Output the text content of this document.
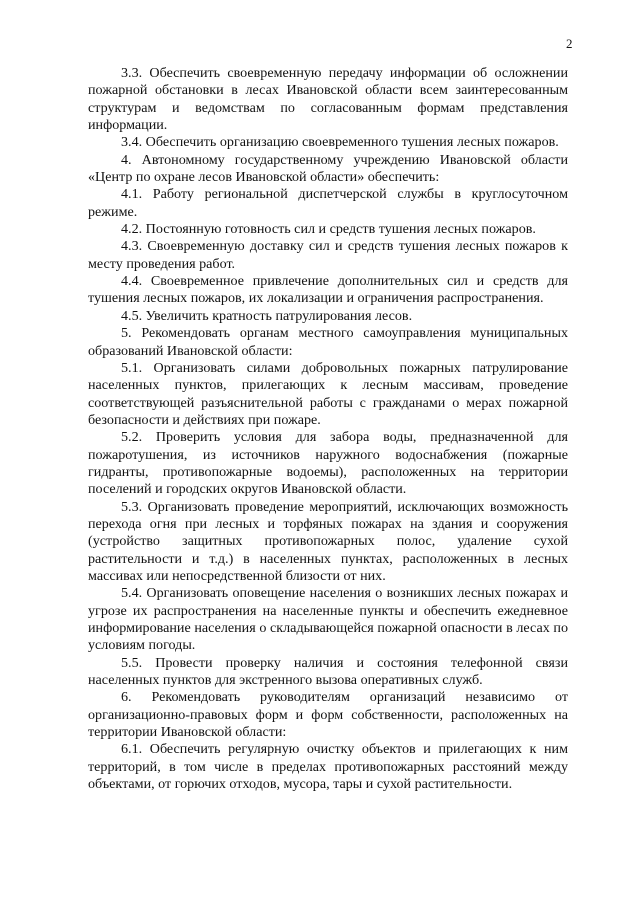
2

3.3. Обеспечить своевременную передачу информации об осложнении пожарной обстановки в лесах Ивановской области всем заинтересованным структурам и ведомствам по согласованным формам представления информации.

3.4. Обеспечить организацию своевременного тушения лесных пожаров.

4. Автономному государственному учреждению Ивановской области «Центр по охране лесов Ивановской области» обеспечить:

4.1. Работу региональной диспетчерской службы в круглосуточном режиме.

4.2. Постоянную готовность сил и средств тушения лесных пожаров.

4.3. Своевременную доставку сил и средств тушения лесных пожаров к месту проведения работ.

4.4. Своевременное привлечение дополнительных сил и средств для тушения лесных пожаров, их локализации и ограничения распространения.

4.5. Увеличить кратность патрулирования лесов.

5. Рекомендовать органам местного самоуправления муниципальных образований Ивановской области:

5.1. Организовать силами добровольных пожарных патрулирование населенных пунктов, прилегающих к лесным массивам, проведение соответствующей разъяснительной работы с гражданами о мерах пожарной безопасности и действиях при пожаре.

5.2. Проверить условия для забора воды, предназначенной для пожаротушения, из источников наружного водоснабжения (пожарные гидранты, противопожарные водоемы), расположенных на территории поселений и городских округов Ивановской области.

5.3. Организовать проведение мероприятий, исключающих возможность перехода огня при лесных и торфяных пожарах на здания и сооружения (устройство защитных противопожарных полос, удаление сухой растительности и т.д.) в населенных пунктах, расположенных в лесных массивах или непосредственной близости от них.

5.4. Организовать оповещение населения о возникших лесных пожарах и угрозе их распространения на населенные пункты и обеспечить ежедневное информирование населения о складывающейся пожарной опасности в лесах по условиям погоды.

5.5. Провести проверку наличия и состояния телефонной связи населенных пунктов для экстренного вызова оперативных служб.

6. Рекомендовать руководителям организаций независимо от организационно-правовых форм и форм собственности, расположенных на территории Ивановской области:

6.1. Обеспечить регулярную очистку объектов и прилегающих к ним территорий, в том числе в пределах противопожарных расстояний между объектами, от горючих отходов, мусора, тары и сухой растительности.
